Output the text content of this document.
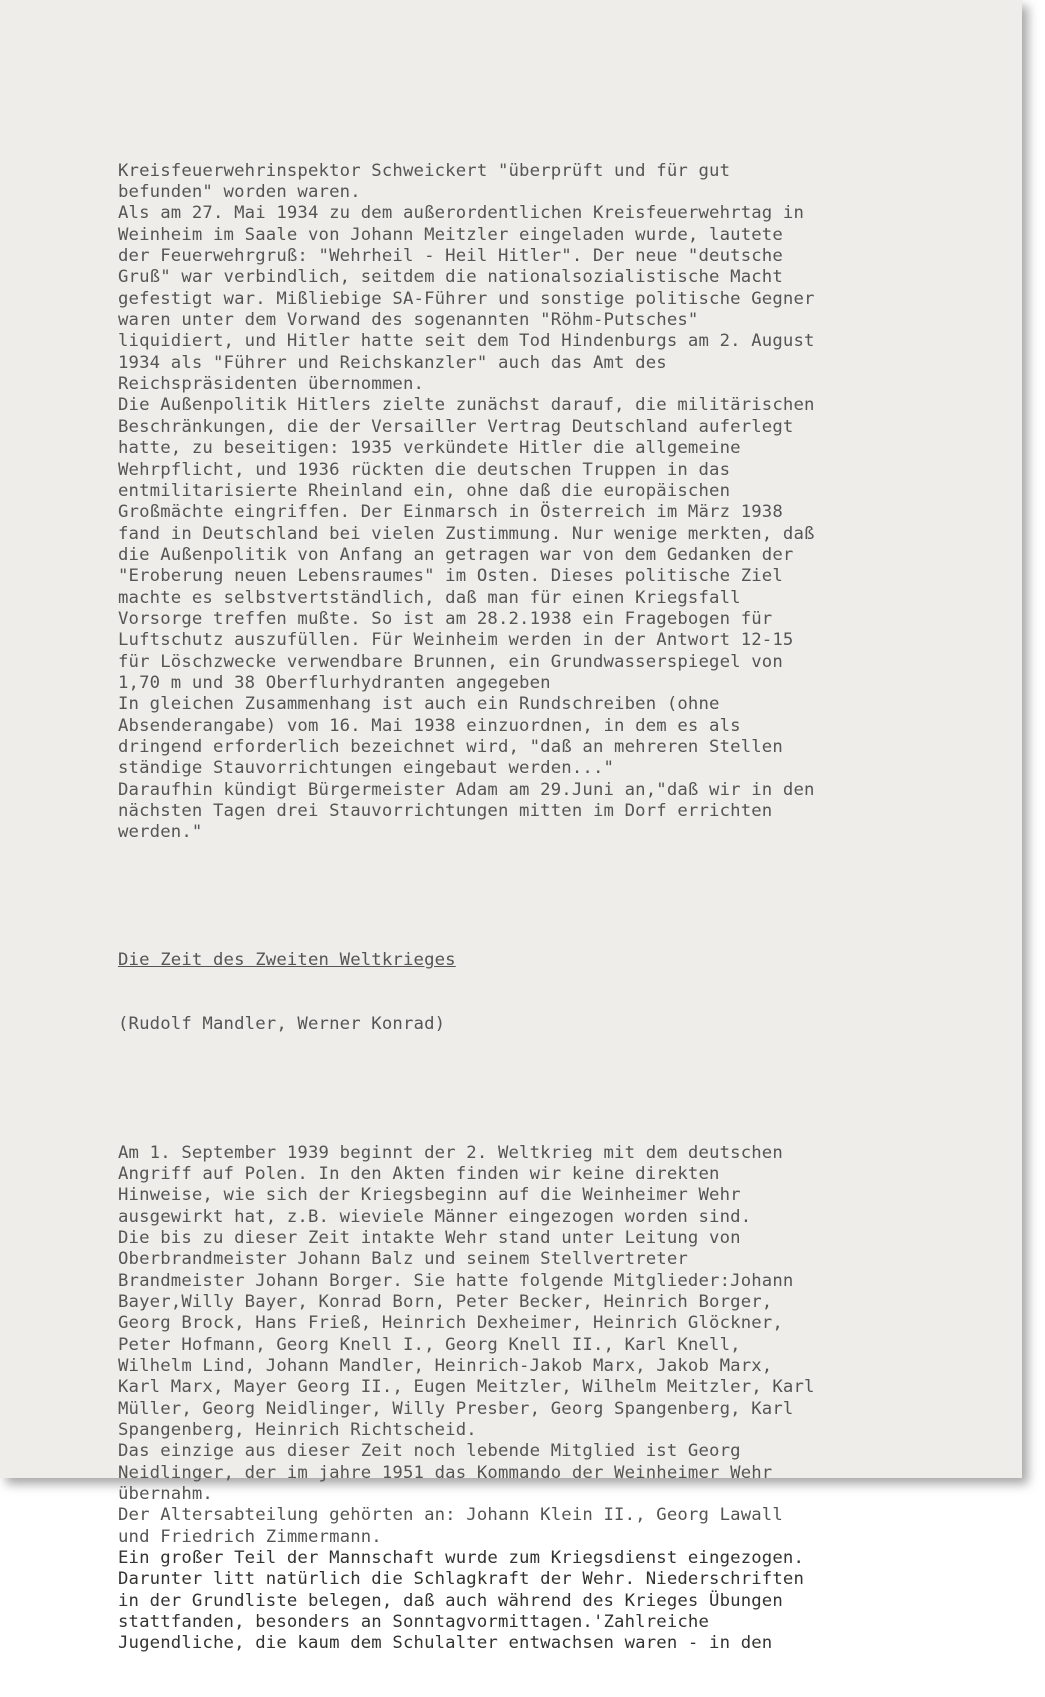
Kreisfeuerwehrinspektor Schweickert "überprüft und für gut
befunden" worden waren.
Als am 27. Mai 1934 zu dem außerordentlichen Kreisfeuerwehrtag in
Weinheim im Saale von Johann Meitzler eingeladen wurde, lautete
der Feuerwehrgruß: "Wehrheil - Heil Hitler". Der neue "deutsche
Gruß" war verbindlich, seitdem die nationalsozialistische Macht
gefestigt war. Mißliebige SA-Führer und sonstige politische Gegner
waren unter dem Vorwand des sogenannten "Röhm-Putsches"
liquidiert, und Hitler hatte seit dem Tod Hindenburgs am 2. August
1934 als "Führer und Reichskanzler" auch das Amt des
Reichspräsidenten übernommen.
Die Außenpolitik Hitlers zielte zunächst darauf, die militärischen
Beschränkungen, die der Versailler Vertrag Deutschland auferlegt
hatte, zu beseitigen: 1935 verkündete Hitler die allgemeine
Wehrpflicht, und 1936 rückten die deutschen Truppen in das
entmilitarisierte Rheinland ein, ohne daß die europäischen
Großmächte eingriffen. Der Einmarsch in Österreich im März 1938
fand in Deutschland bei vielen Zustimmung. Nur wenige merkten, daß
die Außenpolitik von Anfang an getragen war von dem Gedanken der
"Eroberung neuen Lebensraumes" im Osten. Dieses politische Ziel
machte es selbstvertständlich, daß man für einen Kriegsfall
Vorsorge treffen mußte. So ist am 28.2.1938 ein Fragebogen für
Luftschutz auszufüllen. Für Weinheim werden in der Antwort 12-15
für Löschzwecke verwendbare Brunnen, ein Grundwasserspiegel von
1,70 m und 38 Oberflurhydranten angegeben
In gleichen Zusammenhang ist auch ein Rundschreiben (ohne
Absenderangabe) vom 16. Mai 1938 einzuordnen, in dem es als
dringend erforderlich bezeichnet wird, "daß an mehreren Stellen
ständige Stauvorrichtungen eingebaut werden..."
Daraufhin kündigt Bürgermeister Adam am 29.Juni an,"daß wir in den
nächsten Tagen drei Stauvorrichtungen mitten im Dorf errichten
werden."

Die Zeit des Zweiten Weltkrieges

(Rudolf Mandler, Werner Konrad)

Am 1. September 1939 beginnt der 2. Weltkrieg mit dem deutschen
Angriff auf Polen. In den Akten finden wir keine direkten
Hinweise, wie sich der Kriegsbeginn auf die Weinheimer Wehr
ausgewirkt hat, z.B. wieviele Männer eingezogen worden sind.
Die bis zu dieser Zeit intakte Wehr stand unter Leitung von
Oberbrandmeister Johann Balz und seinem Stellvertreter
Brandmeister Johann Borger. Sie hatte folgende Mitglieder:Johann
Bayer,Willy Bayer, Konrad Born, Peter Becker, Heinrich Borger,
Georg Brock, Hans Frieß, Heinrich Dexheimer, Heinrich Glöckner,
Peter Hofmann, Georg Knell I., Georg Knell II., Karl Knell,
Wilhelm Lind, Johann Mandler, Heinrich-Jakob Marx, Jakob Marx,
Karl Marx, Mayer Georg II., Eugen Meitzler, Wilhelm Meitzler, Karl
Müller, Georg Neidlinger, Willy Presber, Georg Spangenberg, Karl
Spangenberg, Heinrich Richtscheid.
Das einzige aus dieser Zeit noch lebende Mitglied ist Georg
Neidlinger, der im jahre 1951 das Kommando der Weinheimer Wehr
übernahm.
Der Altersabteilung gehörten an: Johann Klein II., Georg Lawall
und Friedrich Zimmermann.
Ein großer Teil der Mannschaft wurde zum Kriegsdienst eingezogen.
Darunter litt natürlich die Schlagkraft der Wehr. Niederschriften
in der Grundliste belegen, daß auch während des Krieges Übungen
stattfanden, besonders an Sonntagvormittagen.'Zahlreiche
Jugendliche, die kaum dem Schulalter entwachsen waren - in den
